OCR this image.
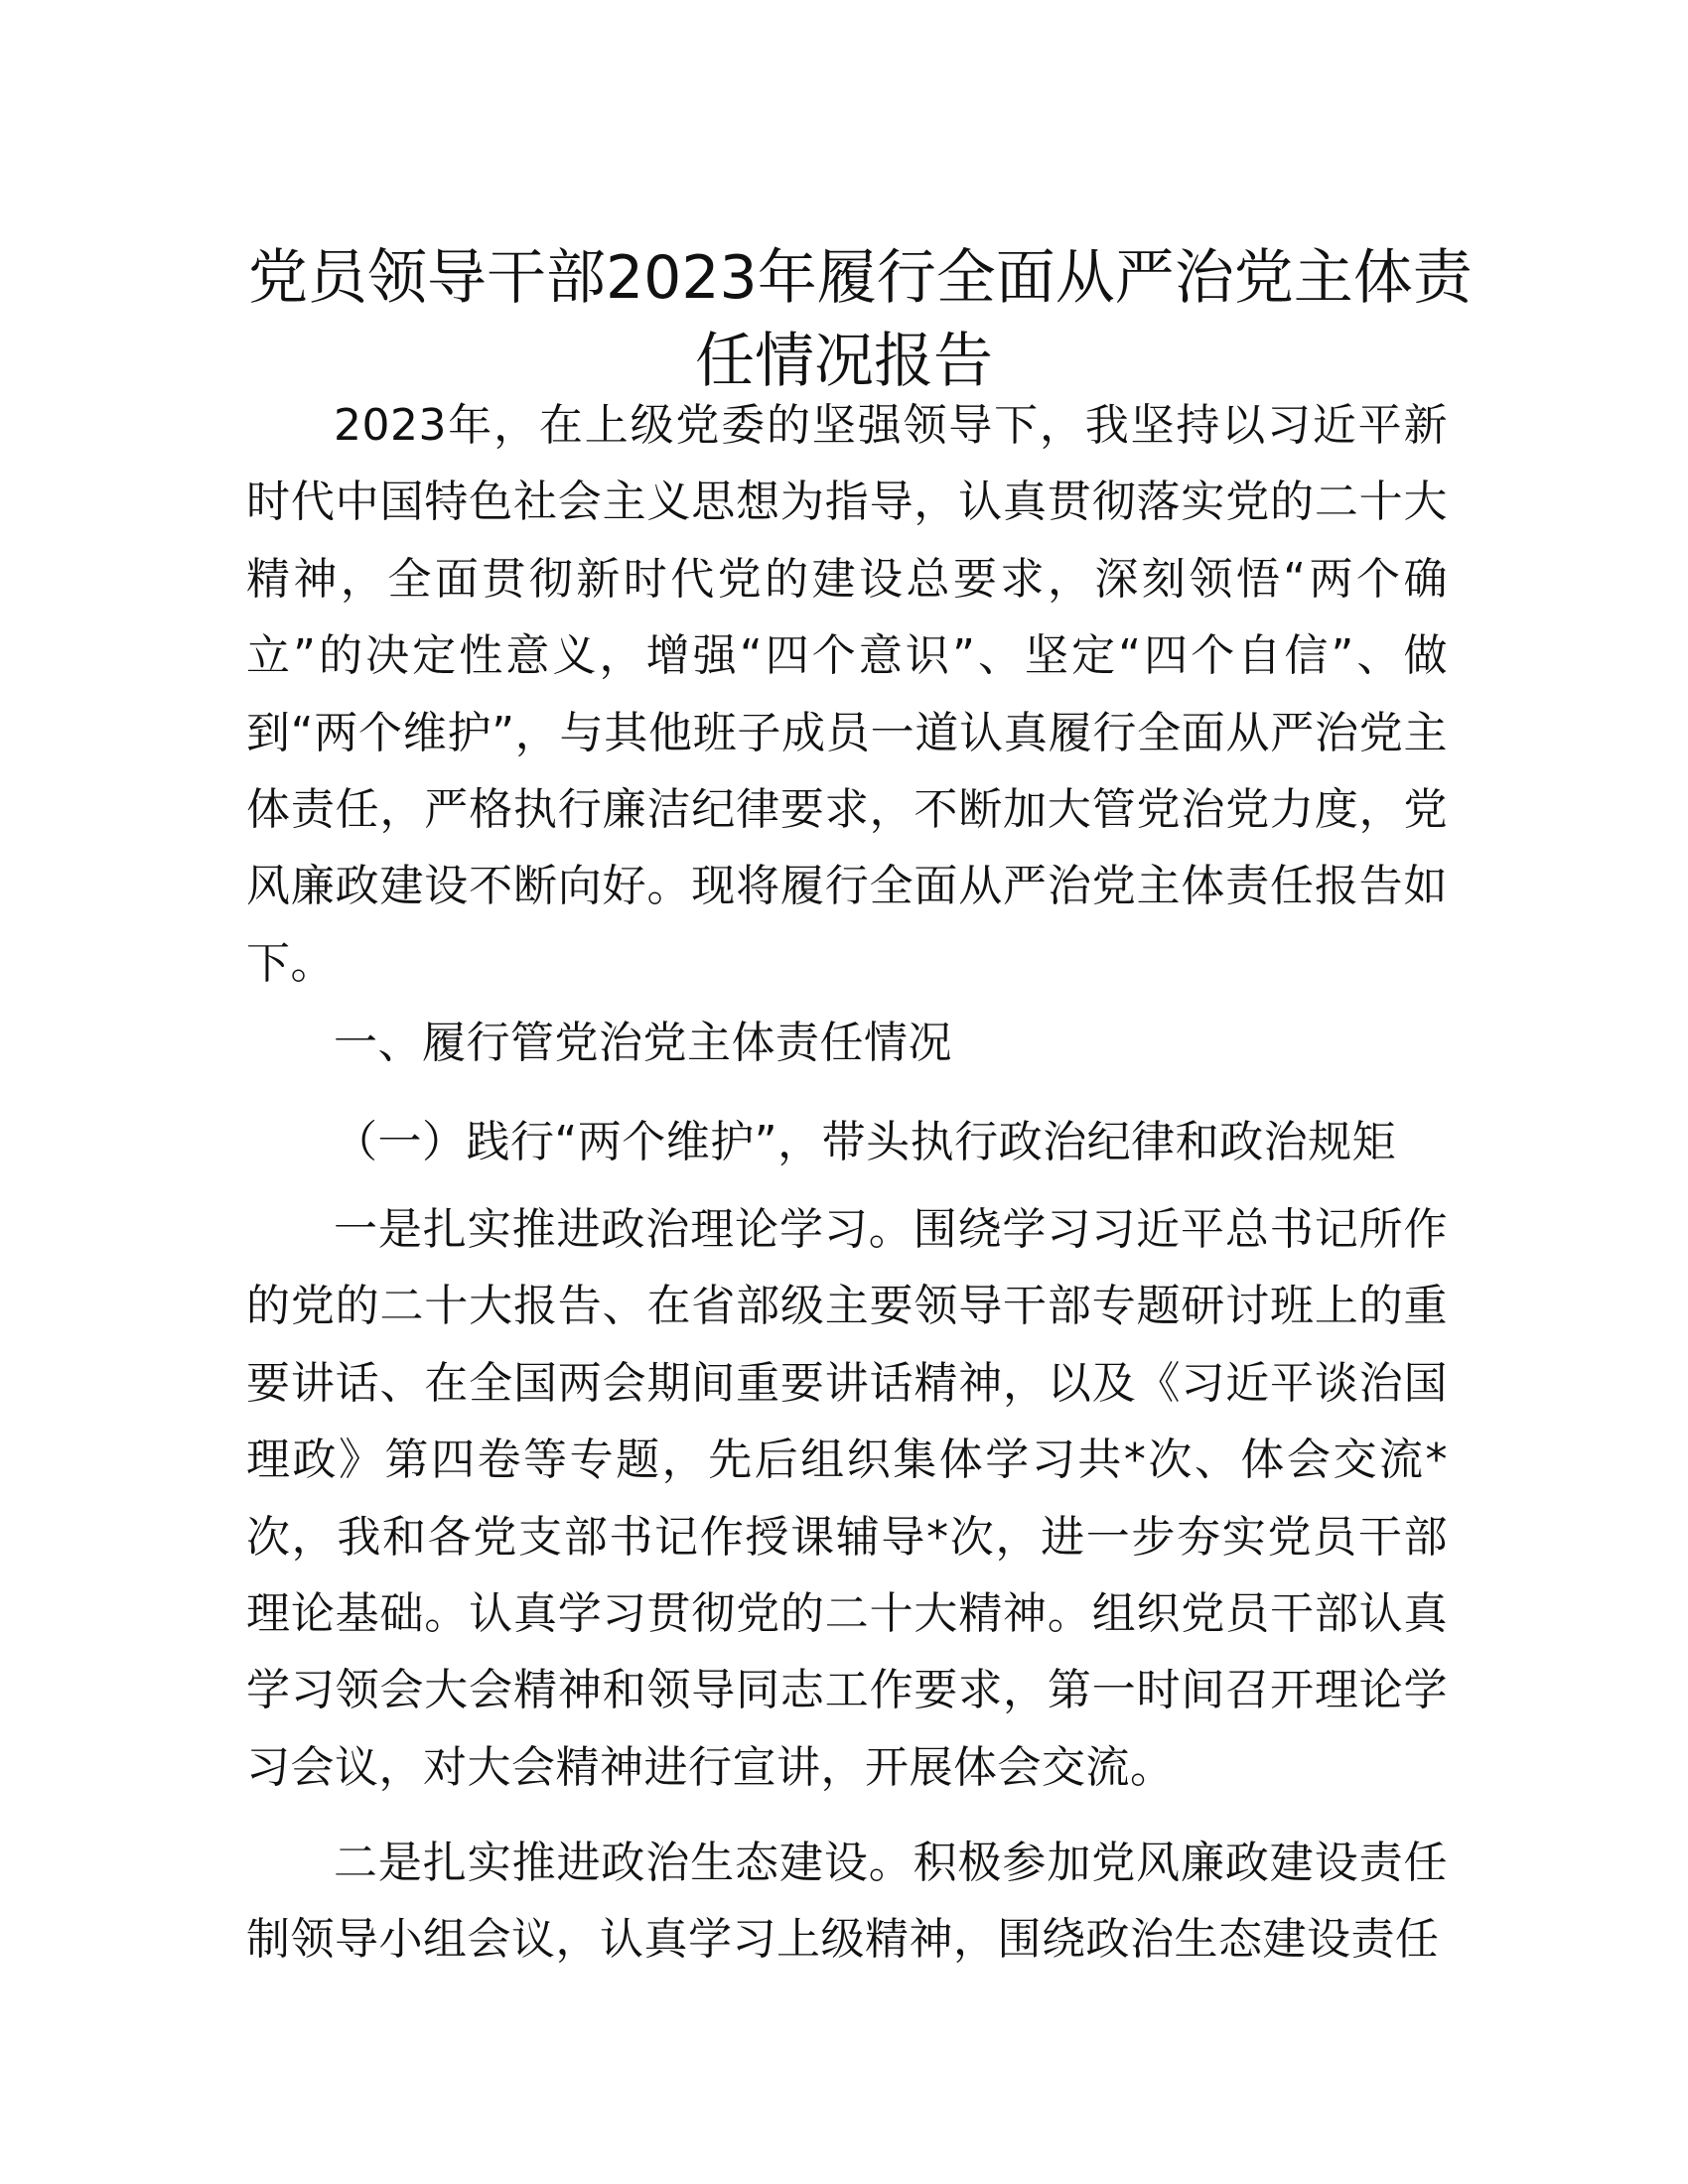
党员领导干部2023年履行全面从严治党主体责
任情况报告

2023年，在上级党委的坚强领导下，我坚持以习近平新时代中国特色社会主义思想为指导，认真贯彻落实党的二十大精神，全面贯彻新时代党的建设总要求，深刻领悟“两个确立”的决定性意义，增强“四个意识”、坚定“四个自信”、做到“两个维护”，与其他班子成员一道认真履行全面从严治党主体责任，严格执行廉洁纪律要求，不断加大管党治党力度，党风廉政建设不断向好。现将履行全面从严治党主体责任报告如下。

一、履行管党治党主体责任情况

（一）践行“两个维护”，带头执行政治纪律和政治规矩

一是扎实推进政治理论学习。围绕学习习近平总书记所作的党的二十大报告、在省部级主要领导干部专题研讨班上的重要讲话、在全国两会期间重要讲话精神，以及《习近平谈治国理政》第四卷等专题，先后组织集体学习共*次、体会交流*次，我和各党支部书记作授课辅导*次，进一步夯实党员干部理论基础。认真学习贯彻党的二十大精神。组织党员干部认真学习领会大会精神和领导同志工作要求，第一时间召开理论学习会议，对大会精神进行宣讲，开展体会交流。

二是扎实推进政治生态建设。积极参加党风廉政建设责任制领导小组会议，认真学习上级精神，围绕政治生态建设责任
